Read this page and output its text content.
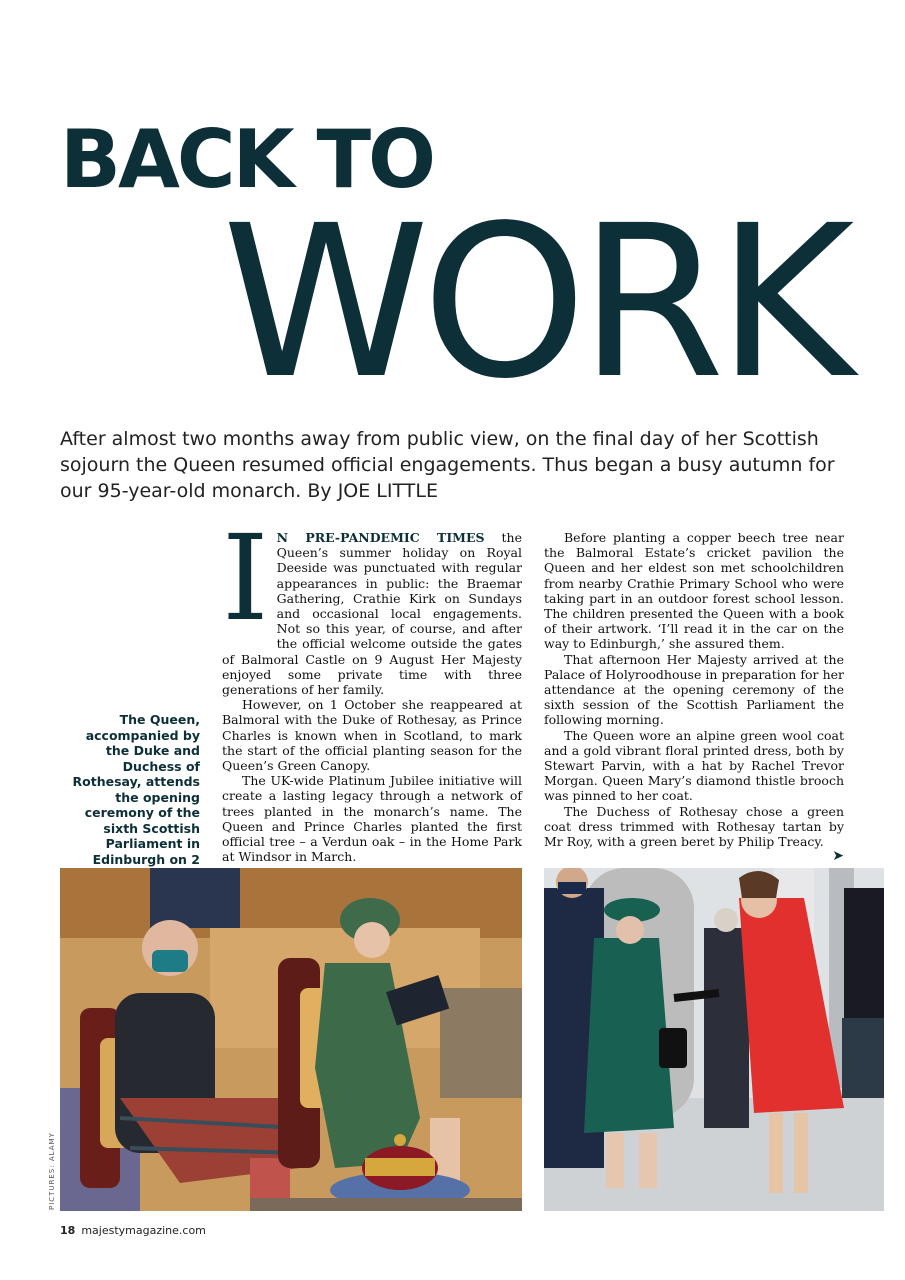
BACK TO
WORK
After almost two months away from public view, on the final day of her Scottish sojourn the Queen resumed official engagements. Thus began a busy autumn for our 95-year-old monarch. By JOE LITTLE
The Queen, accompanied by the Duke and Duchess of Rothesay, attends the opening ceremony of the sixth Scottish Parliament in Edinburgh on 2

I N PRE-PANDEMIC TIMES the Queen’s summer holiday on Royal Deeside was punctuated with regular appearances in public: the Braemar Gathering, Crathie Kirk on Sundays and occasional local engagements. Not so this year, of course, and after the official welcome outside the gates of Balmoral Castle on 9 August Her Majesty enjoyed some private time with three generations of her family.

However, on 1 October she reappeared at Balmoral with the Duke of Rothesay, as Prince Charles is known when in Scotland, to mark the start of the official planting season for the Queen’s Green Canopy.

The UK-wide Platinum Jubilee initiative will create a lasting legacy through a network of trees planted in the monarch’s name. The Queen and Prince Charles planted the first official tree – a Verdun oak – in the Home Park at Windsor in March.

Before planting a copper beech tree near the Balmoral Estate’s cricket pavilion the Queen and her eldest son met schoolchildren from nearby Crathie Primary School who were taking part in an outdoor forest school lesson. The children presented the Queen with a book of their artwork. ‘I’ll read it in the car on the way to Edinburgh,’ she assured them.

That afternoon Her Majesty arrived at the Palace of Holyroodhouse in preparation for her attendance at the opening ceremony of the sixth session of the Scottish Parliament the following morning.

The Queen wore an alpine green wool coat and a gold vibrant floral printed dress, both by Stewart Parvin, with a hat by Rachel Trevor Morgan. Queen Mary’s diamond thistle brooch was pinned to her coat.

The Duchess of Rothesay chose a green coat dress trimmed with Rothesay tartan by Mr Roy, with a green beret by Philip Treacy.
➤

PICTURES: ALAMY
18 majestymagazine.com
